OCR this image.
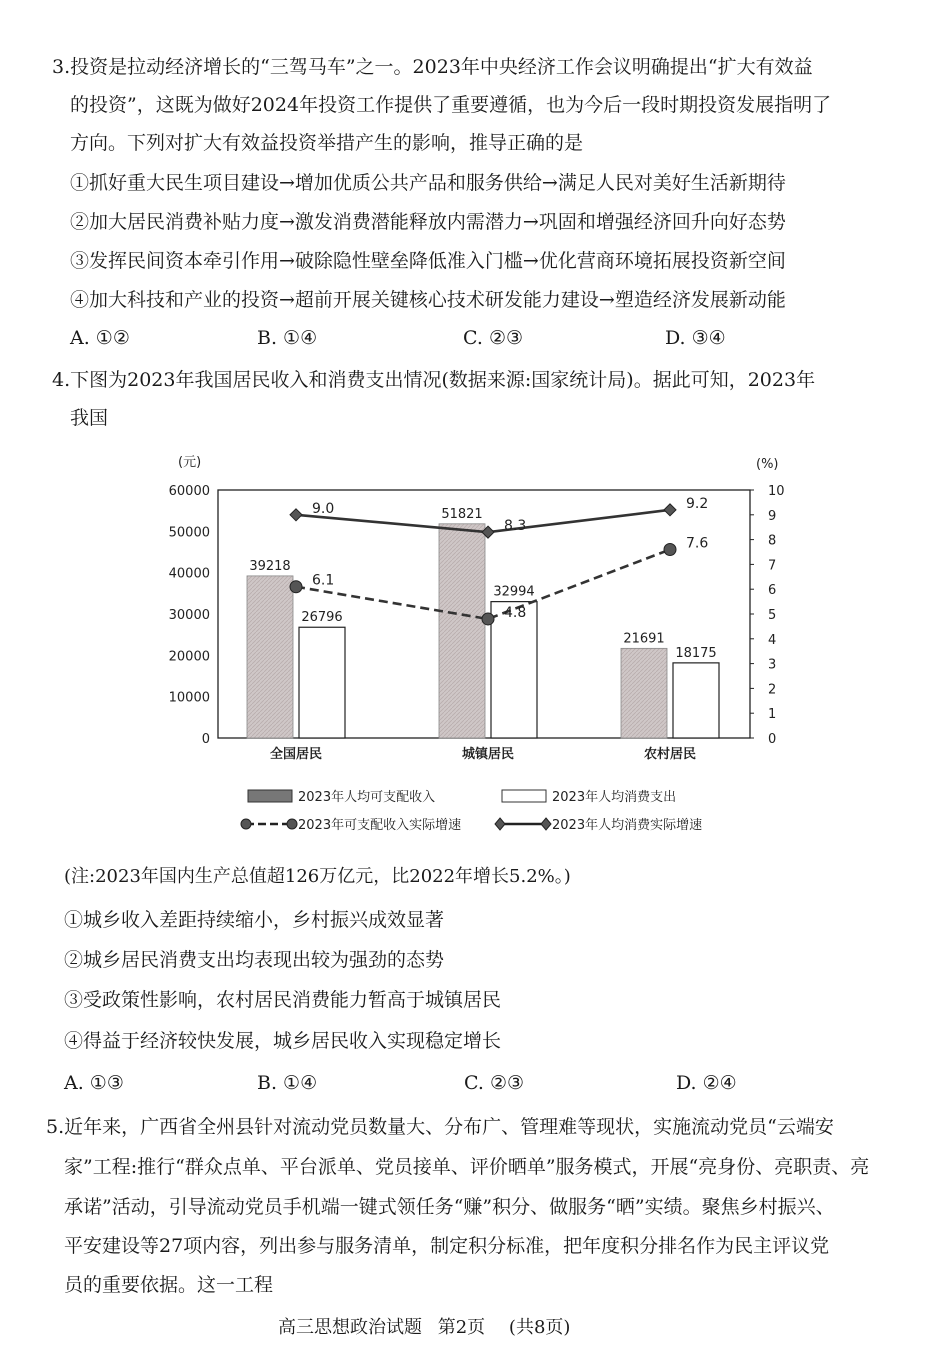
3.投资是拉动经济增长的“三驾马车”之一。2023年中央经济工作会议明确提出“扩大有效益
的投资”，这既为做好2024年投资工作提供了重要遵循，也为今后一段时期投资发展指明了
方向。下列对扩大有效益投资举措产生的影响，推导正确的是
①抓好重大民生项目建设→增加优质公共产品和服务供给→满足人民对美好生活新期待
②加大居民消费补贴力度→激发消费潜能释放内需潜力→巩固和增强经济回升向好态势
③发挥民间资本牵引作用→破除隐性壁垒降低准入门槛→优化营商环境拓展投资新空间
④加大科技和产业的投资→超前开展关键核心技术研发能力建设→塑造经济发展新动能
A. ①②	B. ①④	C. ②③	D. ③④
4.下图为2023年我国居民收入和消费支出情况(数据来源:国家统计局)。据此可知，2023年
我国
(元)	(%)
0
10000
20000
30000
40000
50000
60000
0
1
2
3
4
5
6
7
8
9
10
39218
26796
全国居民
51821
32994
城镇居民
21691
18175
农村居民
6.1
4.8
7.6
9.0
8.3
9.2
2023年人均可支配收入	2023年人均消费支出
2023年可支配收入实际增速	2023年人均消费实际增速
(注:2023年国内生产总值超126万亿元，比2022年增长5.2%。)
①城乡收入差距持续缩小，乡村振兴成效显著
②城乡居民消费支出均表现出较为强劲的态势
③受政策性影响，农村居民消费能力暂高于城镇居民
④得益于经济较快发展，城乡居民收入实现稳定增长
A. ①③	B. ①④	C. ②③	D. ②④
5.近年来，广西省全州县针对流动党员数量大、分布广、管理难等现状，实施流动党员“云端安
家”工程:推行“群众点单、平台派单、党员接单、评价晒单”服务模式，开展“亮身份、亮职责、亮
承诺”活动，引导流动党员手机端一键式领任务“赚”积分、做服务“晒”实绩。聚焦乡村振兴、
平安建设等27项内容，列出参与服务清单，制定积分标准，把年度积分排名作为民主评议党
员的重要依据。这一工程
高三思想政治试题 第2页 (共8页)
